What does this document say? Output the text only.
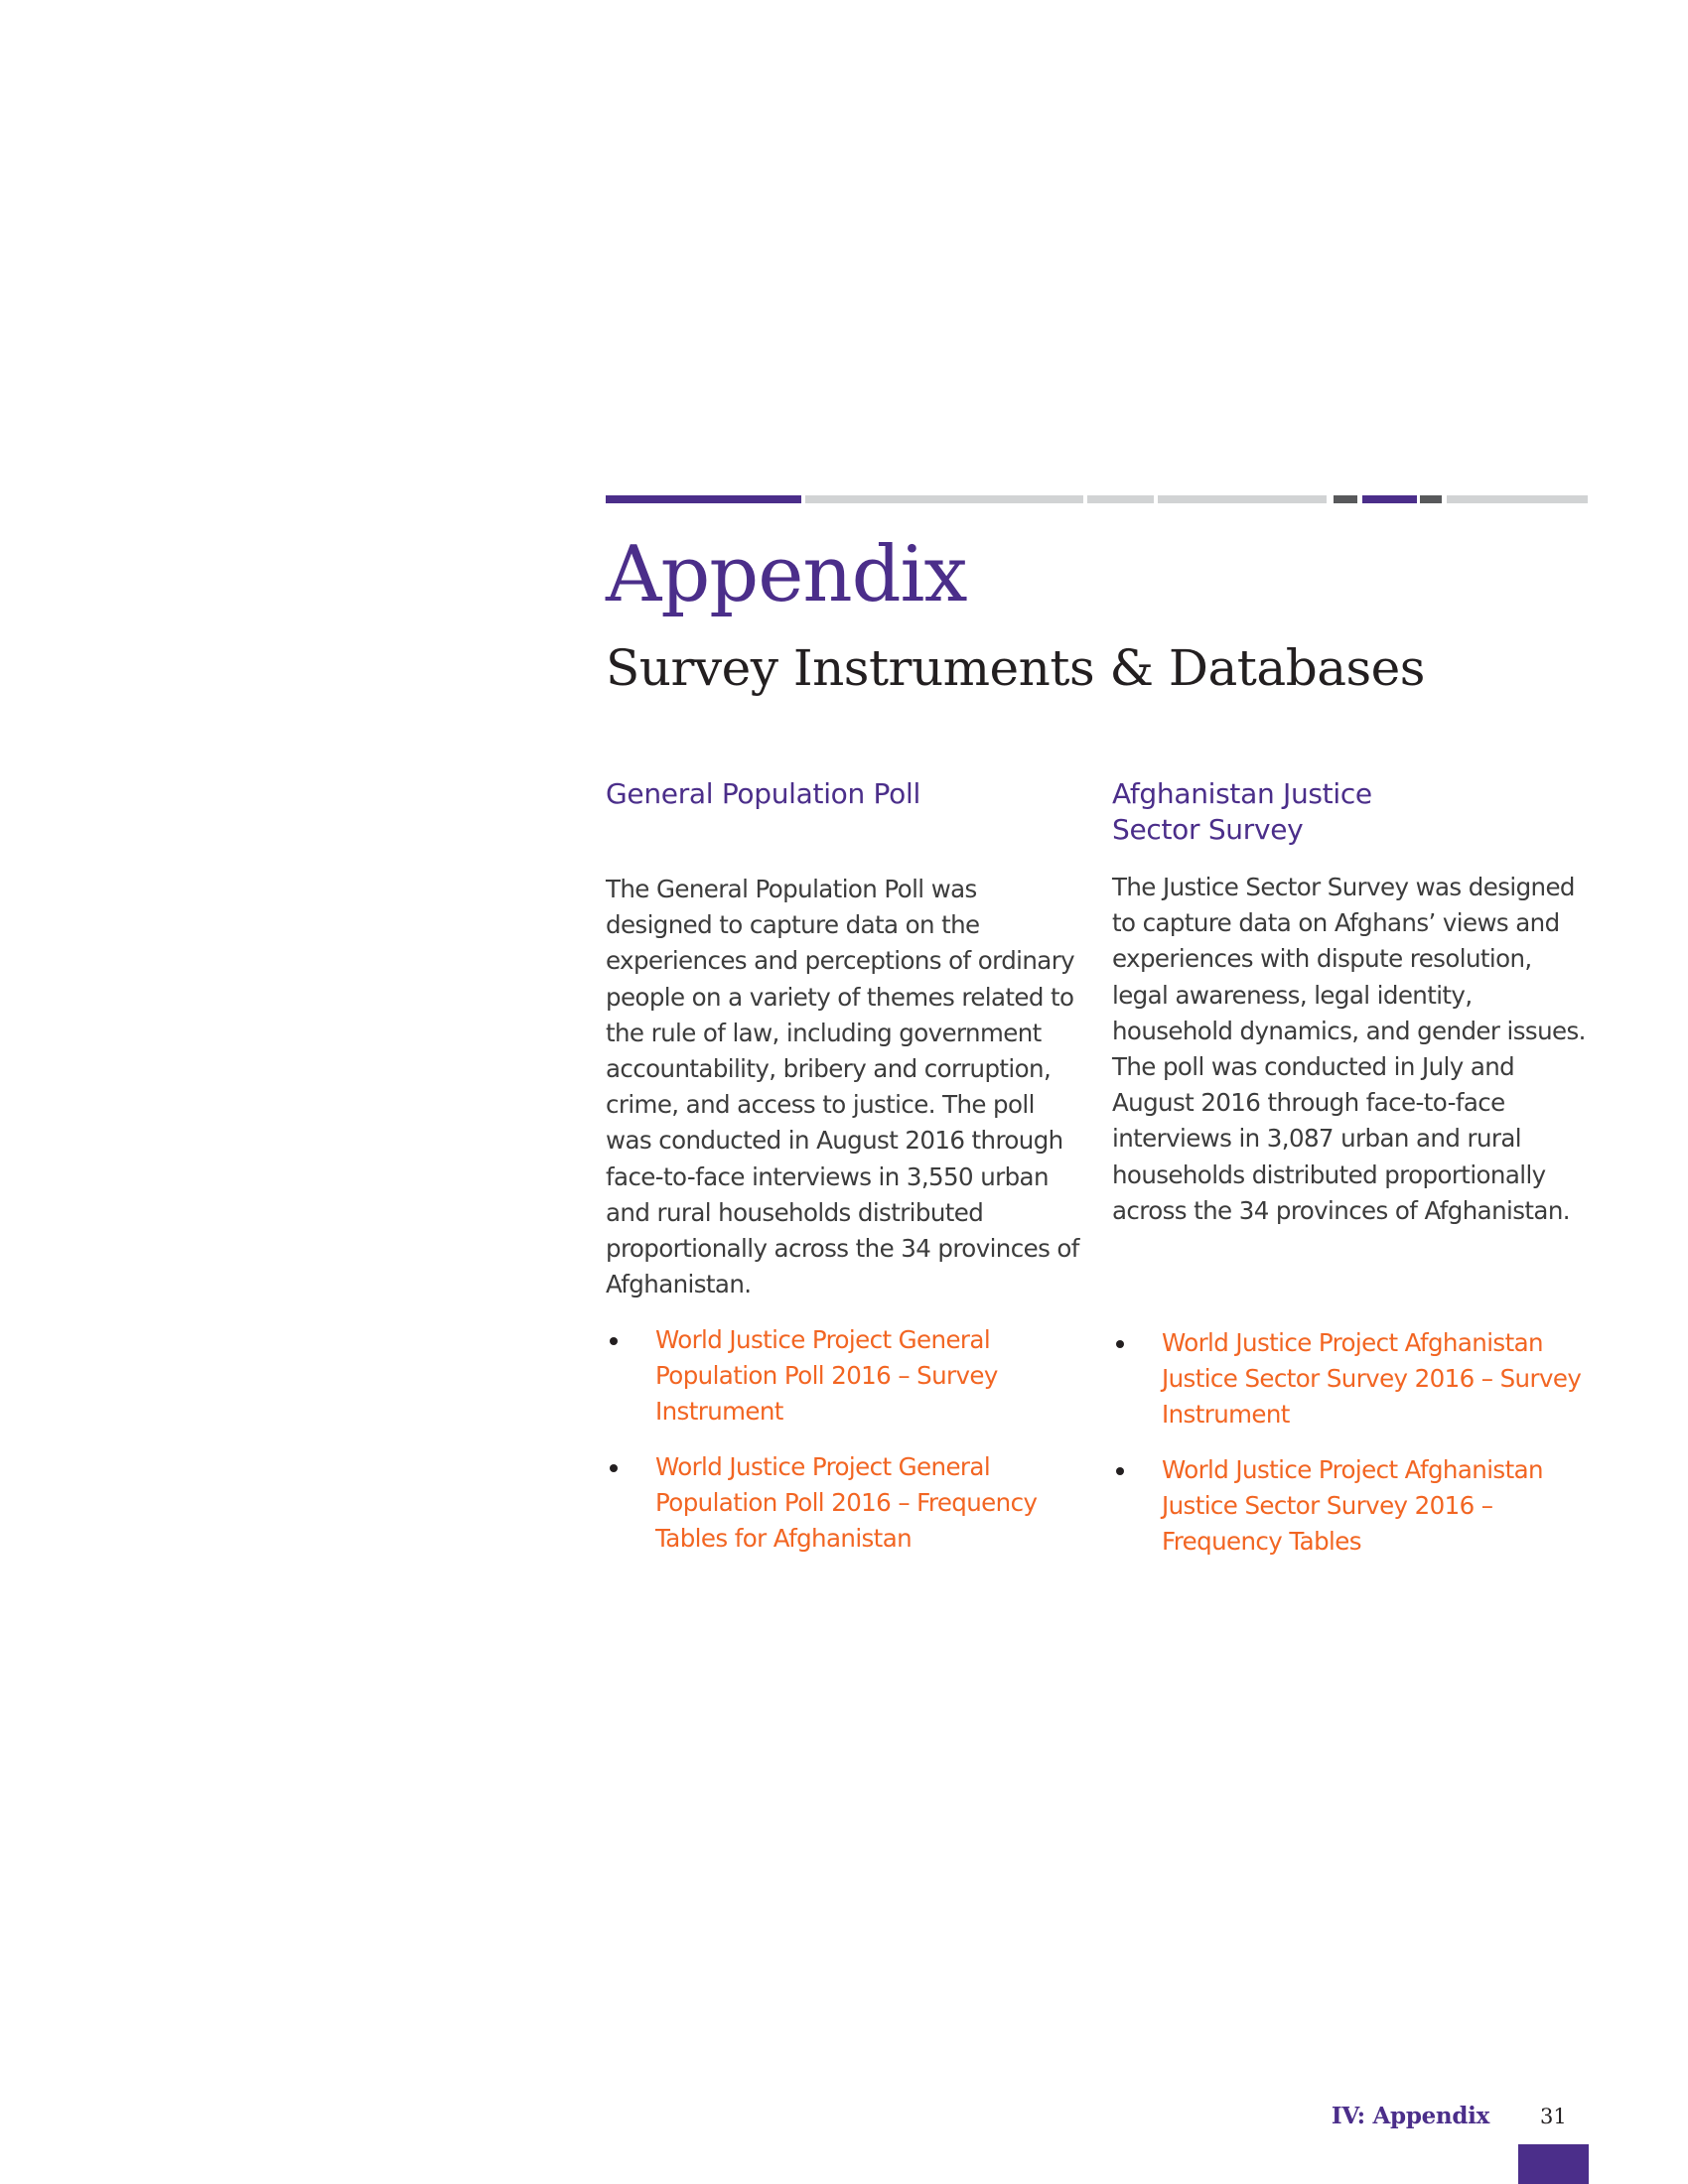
Appendix
Survey Instruments & Databases
General Population Poll

The General Population Poll was designed to capture data on the experiences and perceptions of ordinary people on a variety of themes related to the rule of law, including government accountability, bribery and corruption, crime, and access to justice. The poll was conducted in August 2016 through face-to-face interviews in 3,550 urban and rural households distributed proportionally across the 34 provinces of Afghanistan.

World Justice Project General Population Poll 2016 – Survey Instrument
World Justice Project General Population Poll 2016 – Frequency Tables for Afghanistan
Afghanistan Justice Sector Survey

The Justice Sector Survey was designed to capture data on Afghans’ views and experiences with dispute resolution, legal awareness, legal identity, household dynamics, and gender issues. The poll was conducted in July and August 2016 through face-to-face interviews in 3,087 urban and rural households distributed proportionally across the 34 provinces of Afghanistan.

World Justice Project Afghanistan Justice Sector Survey 2016 – Survey Instrument
World Justice Project Afghanistan Justice Sector Survey 2016 – Frequency Tables
IV: Appendix 31
